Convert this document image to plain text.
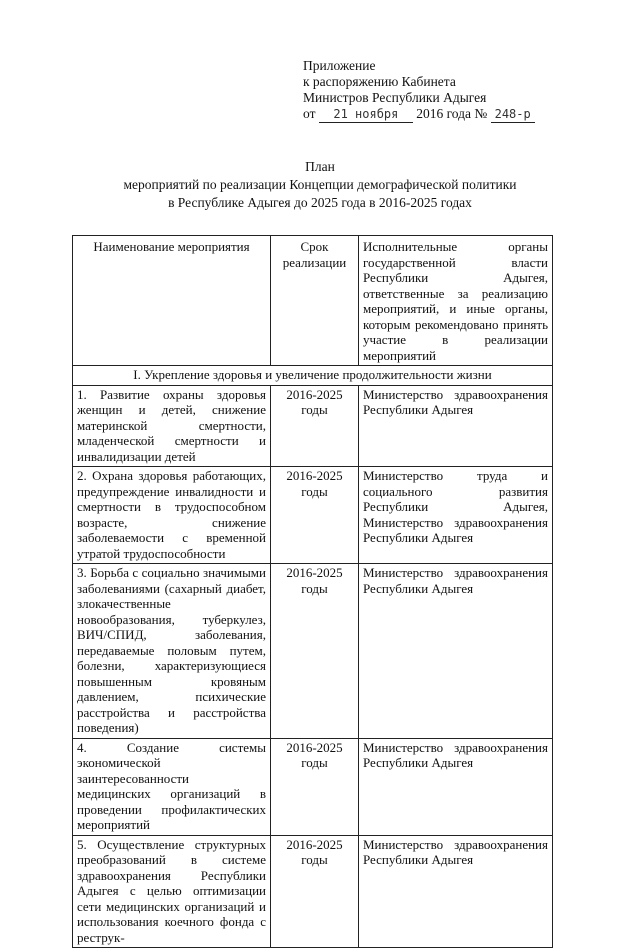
Приложение
к распоряжению Кабинета
Министров Республики Адыгея
от 21 ноября 2016 года № 248-р
План
мероприятий по реализации Концепции демографической политики
в Республике Адыгея до 2025 года в 2016-2025 годах
Наименование мероприятия	Срок реализации	Исполнительные органы государственной власти Республики Адыгея, ответственные за реализацию мероприятий, и иные органы, которым рекомендовано принять участие в реализации мероприятий
I. Укрепление здоровья и увеличение продолжительности жизни		
1. Развитие охраны здоровья женщин и детей, снижение материнской смертности, младенческой смертности и инвалидизации детей	2016-2025 годы	Министерство здравоохранения Республики Адыгея
2. Охрана здоровья работающих, предупреждение инвалидности и смертности в трудоспособном возрасте, снижение заболеваемости с временной утратой трудоспособности	2016-2025 годы	Министерство труда и социального развития Республики Адыгея, Министерство здравоохранения Республики Адыгея
3. Борьба с социально значимыми заболеваниями (сахарный диабет, злокачественные новообразования, туберкулез, ВИЧ/СПИД, заболевания, передаваемые половым путем, болезни, характеризующиеся повышенным кровяным давлением, психические расстройства и расстройства поведения)	2016-2025 годы	Министерство здравоохранения Республики Адыгея
4. Создание системы экономической заинтересованности медицинских организаций в проведении профилактических мероприятий	2016-2025 годы	Министерство здравоохранения Республики Адыгея
5. Осуществление структурных преобразований в системе здравоохранения Республики Адыгея с целью оптимизации сети медицинских организаций и использования коечного фонда с реструк-	2016-2025 годы	Министерство здравоохранения Республики Адыгея
